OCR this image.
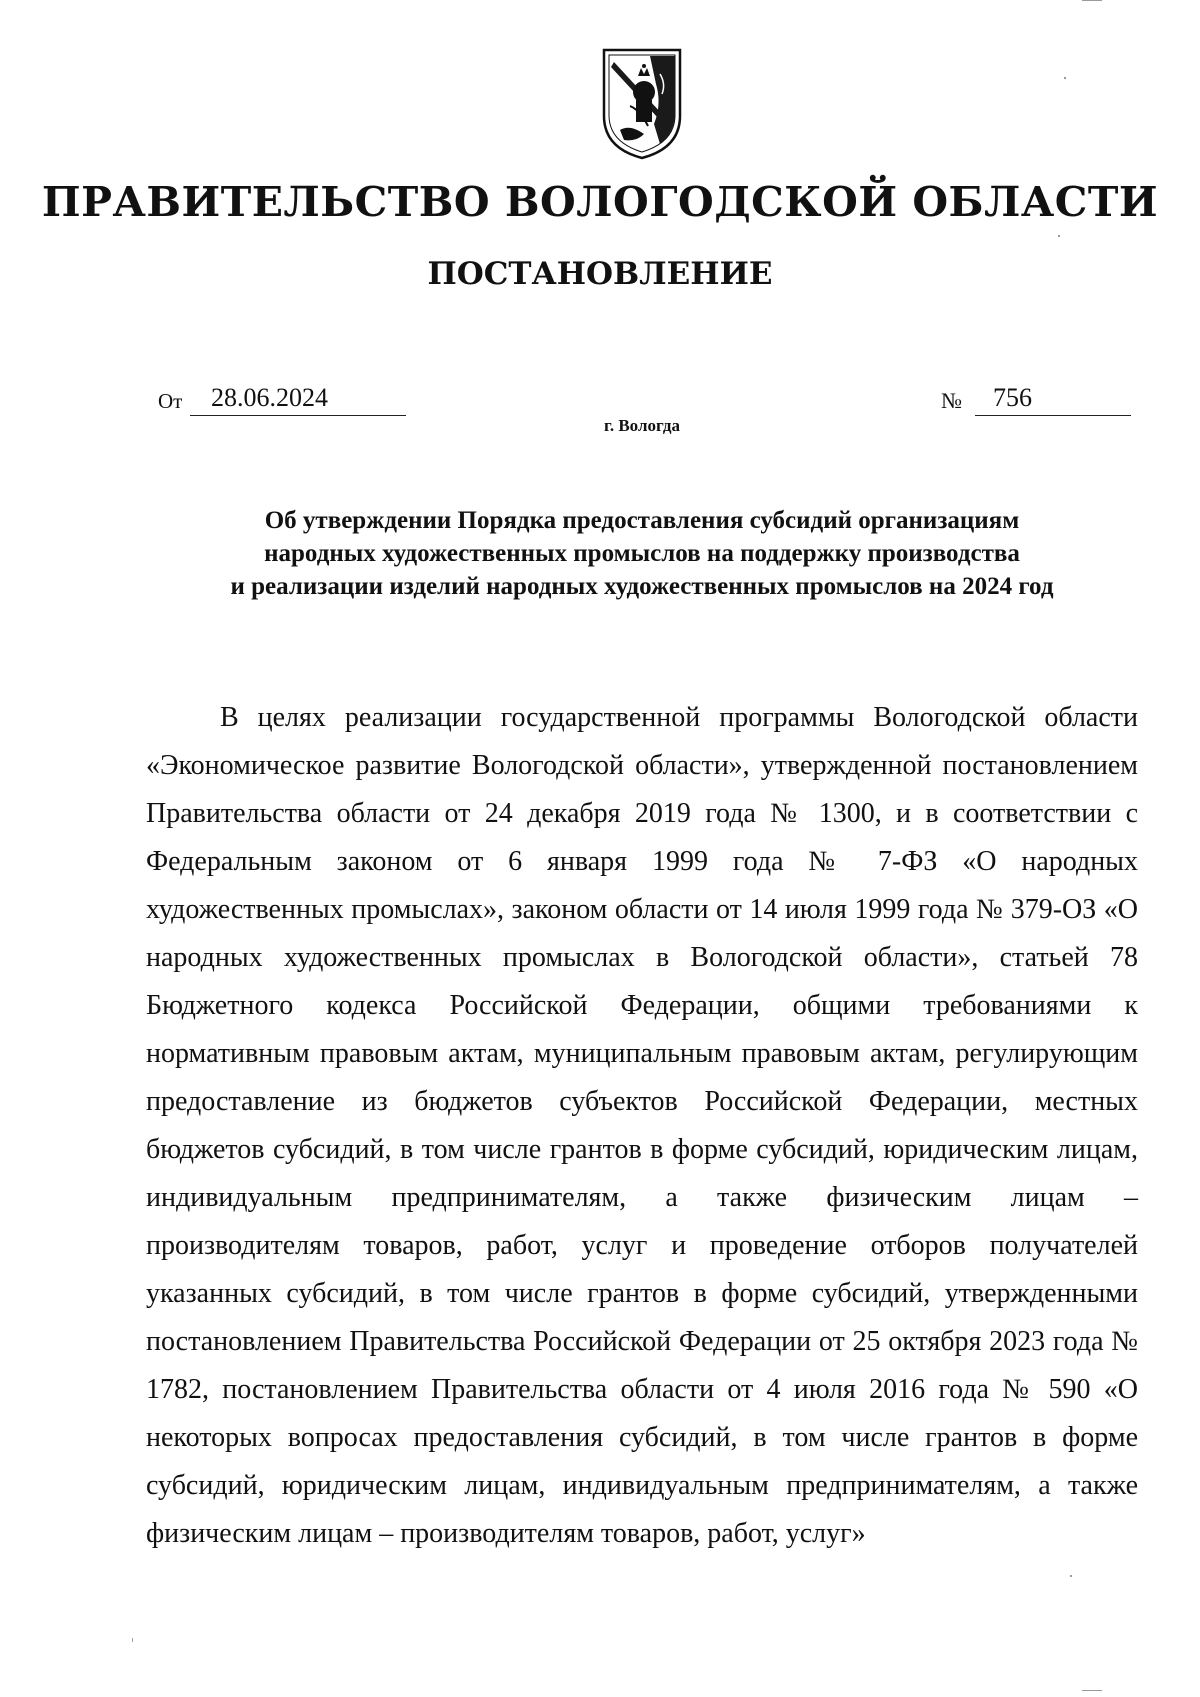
ПРАВИТЕЛЬСТВО ВОЛОГОДСКОЙ ОБЛАСТИ
ПОСТАНОВЛЕНИЕ
От 28.06.2024	№ 756
г. Вологда
Об утверждении Порядка предоставления субсидий организациям
народных художественных промыслов на поддержку производства
и реализации изделий народных художественных промыслов на 2024 год

В целях реализации государственной программы Вологодской области «Экономическое развитие Вологодской области», утвержденной постановлением Правительства области от 24 декабря 2019 года № 1300, и в соответствии с Федеральным законом от 6 января 1999 года № 7-ФЗ «О народных художественных промыслах», законом области от 14 июля 1999 года № 379-ОЗ «О народных художественных промыслах в Вологодской области», статьей 78 Бюджетного кодекса Российской Федерации, общими требованиями к нормативным правовым актам, муниципальным правовым актам, регулирующим предоставление из бюджетов субъектов Российской Федерации, местных бюджетов субсидий, в том числе грантов в форме субсидий, юридическим лицам, индивидуальным предпринимателям, а также физическим лицам – производителям товаров, работ, услуг и проведение отборов получателей указанных субсидий, в том числе грантов в форме субсидий, утвержденными постановлением Правительства Российской Федерации от 25 октября 2023 года № 1782, постановлением Правительства области от 4 июля 2016 года № 590 «О некоторых вопросах предоставления субсидий, в том числе грантов в форме субсидий, юридическим лицам, индивидуальным предпринимателям, а также физическим лицам – производителям товаров, работ, услуг»
